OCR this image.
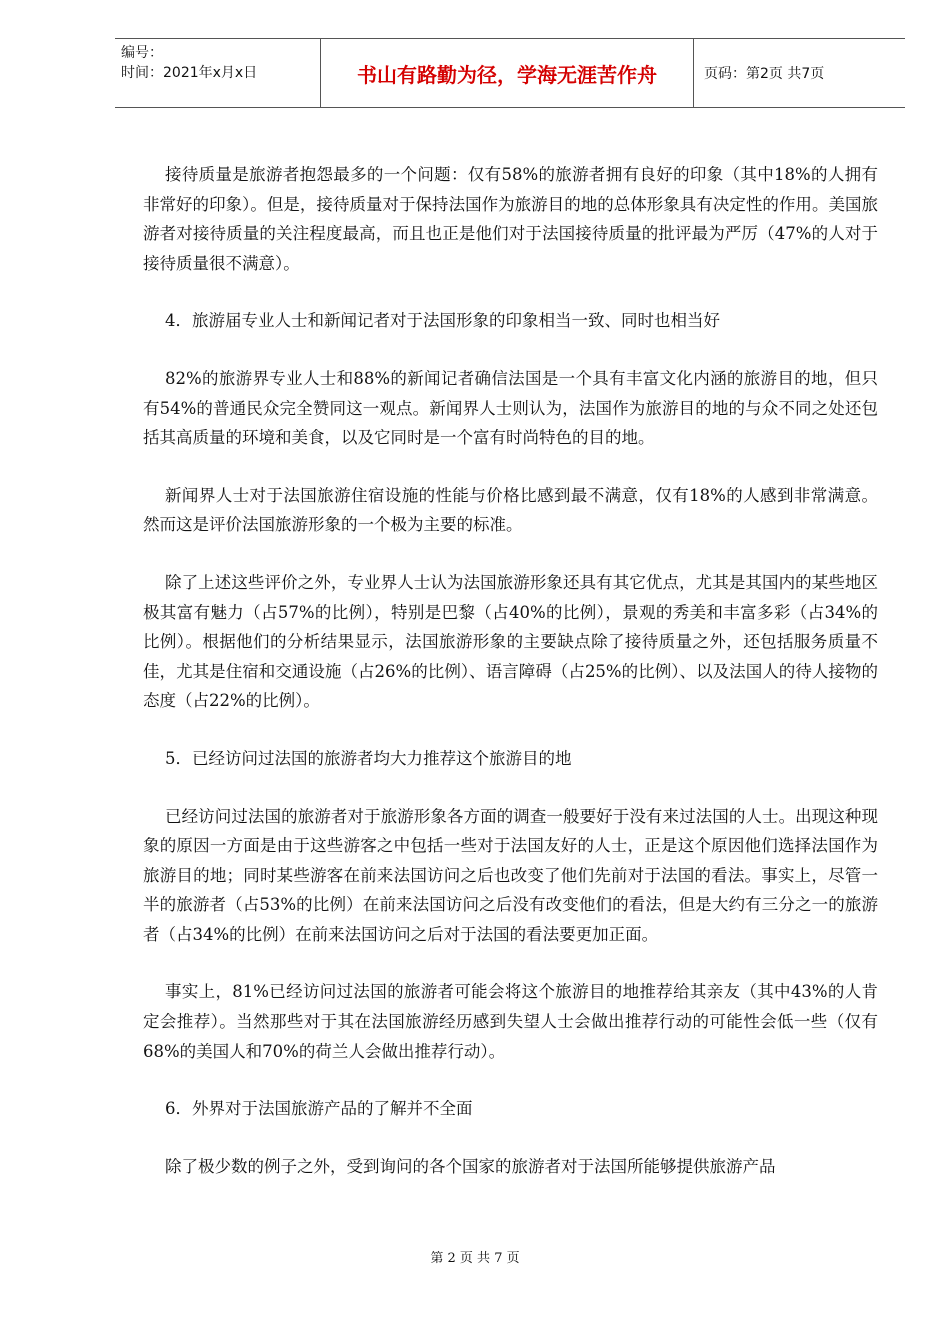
编号：
时间：2021年x月x日	书山有路勤为径，学海无涯苦作舟	页码：第2页 共7页

接待质量是旅游者抱怨最多的一个问题：仅有58%的旅游者拥有良好的印象（其中18%的人拥有非常好的印象）。但是，接待质量对于保持法国作为旅游目的地的总体形象具有决定性的作用。美国旅游者对接待质量的关注程度最高，而且也正是他们对于法国接待质量的批评最为严厉（47%的人对于接待质量很不满意）。

4．旅游届专业人士和新闻记者对于法国形象的印象相当一致、同时也相当好

82%的旅游界专业人士和88%的新闻记者确信法国是一个具有丰富文化内涵的旅游目的地，但只有54%的普通民众完全赞同这一观点。新闻界人士则认为，法国作为旅游目的地的与众不同之处还包括其高质量的环境和美食，以及它同时是一个富有时尚特色的目的地。

新闻界人士对于法国旅游住宿设施的性能与价格比感到最不满意，仅有18%的人感到非常满意。然而这是评价法国旅游形象的一个极为主要的标准。

除了上述这些评价之外，专业界人士认为法国旅游形象还具有其它优点，尤其是其国内的某些地区极其富有魅力（占57%的比例），特别是巴黎（占40%的比例），景观的秀美和丰富多彩（占34%的比例）。根据他们的分析结果显示，法国旅游形象的主要缺点除了接待质量之外，还包括服务质量不佳，尤其是住宿和交通设施（占26%的比例）、语言障碍（占25%的比例）、以及法国人的待人接物的态度（占22%的比例）。

5．已经访问过法国的旅游者均大力推荐这个旅游目的地

已经访问过法国的旅游者对于旅游形象各方面的调查一般要好于没有来过法国的人士。出现这种现象的原因一方面是由于这些游客之中包括一些对于法国友好的人士，正是这个原因他们选择法国作为旅游目的地；同时某些游客在前来法国访问之后也改变了他们先前对于法国的看法。事实上，尽管一半的旅游者（占53%的比例）在前来法国访问之后没有改变他们的看法，但是大约有三分之一的旅游者（占34%的比例）在前来法国访问之后对于法国的看法要更加正面。

事实上，81%已经访问过法国的旅游者可能会将这个旅游目的地推荐给其亲友（其中43%的人肯定会推荐）。当然那些对于其在法国旅游经历感到失望人士会做出推荐行动的可能性会低一些（仅有68%的美国人和70%的荷兰人会做出推荐行动）。

6．外界对于法国旅游产品的了解并不全面

除了极少数的例子之外，受到询问的各个国家的旅游者对于法国所能够提供旅游产品

第 2 页 共 7 页
